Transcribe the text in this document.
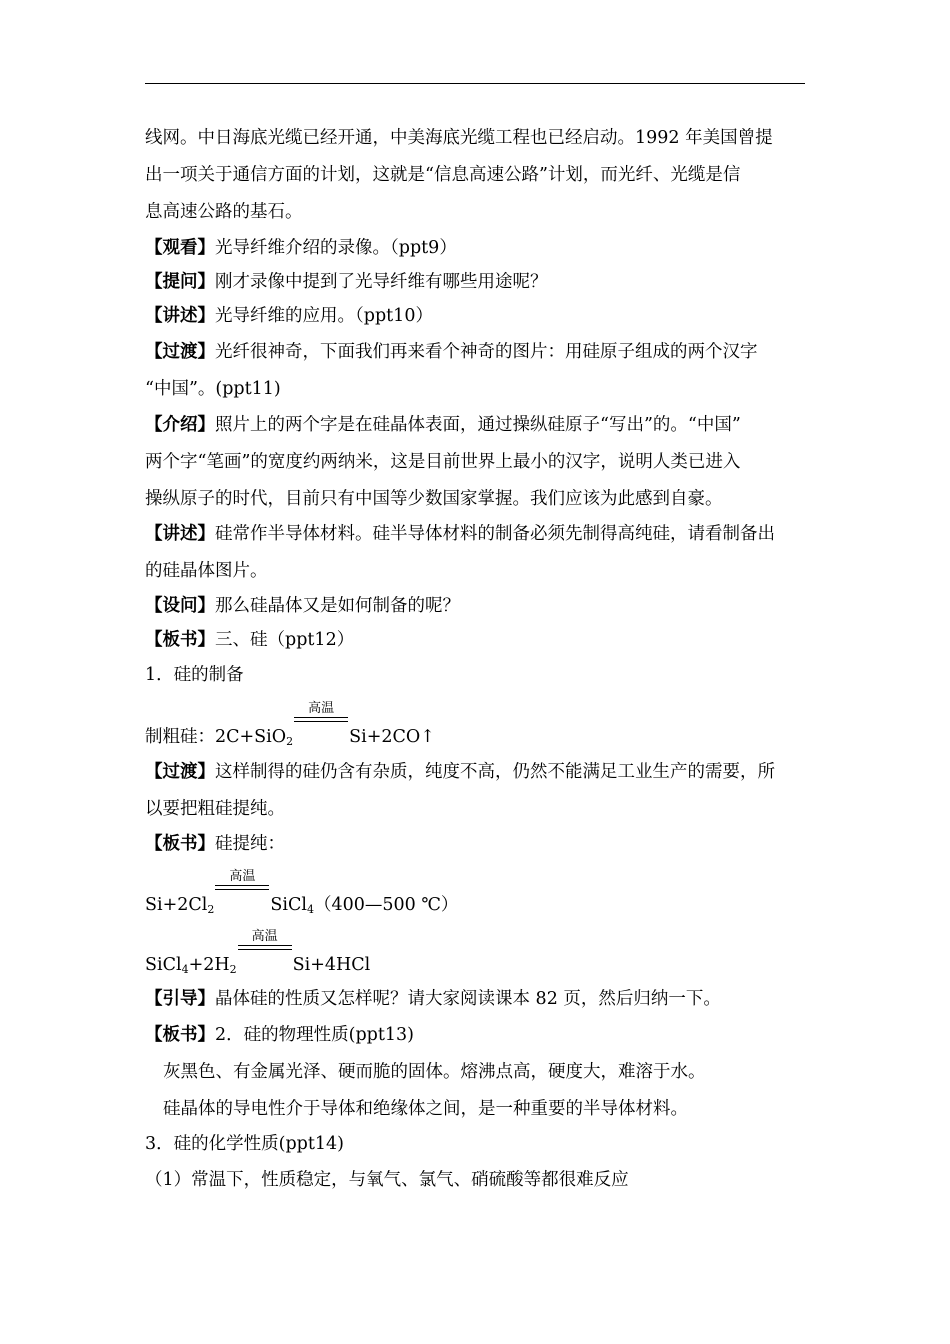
线网。中日海底光缆已经开通，中美海底光缆工程也已经启动。1992 年美国曾提
出一项关于通信方面的计划，这就是“信息高速公路”计划，而光纤、光缆是信
息高速公路的基石。
【观看】光导纤维介绍的录像。（ppt9）
【提问】刚才录像中提到了光导纤维有哪些用途呢？
【讲述】光导纤维的应用。（ppt10）
【过渡】光纤很神奇，下面我们再来看个神奇的图片：用硅原子组成的两个汉字
“中国”。(ppt11)
【介绍】照片上的两个字是在硅晶体表面，通过操纵硅原子“写出”的。“中国”
两个字“笔画”的宽度约两纳米，这是目前世界上最小的汉字，说明人类已进入
操纵原子的时代，目前只有中国等少数国家掌握。我们应该为此感到自豪。
【讲述】硅常作半导体材料。硅半导体材料的制备必须先制得高纯硅，请看制备出
的硅晶体图片。
【设问】那么硅晶体又是如何制备的呢？
【板书】三、硅（ppt12）
1．硅的制备
制粗硅：2C+SiO$_2$
高温
Si+2CO↑
【过渡】这样制得的硅仍含有杂质，纯度不高，仍然不能满足工业生产的需要，所
以要把粗硅提纯。
【板书】硅提纯：
$Si+2Cl_2$
高温
SiCl$_4$（400—500 ℃）
$SiCl_4+2H_2$
高温
Si+4HCl
【引导】晶体硅的性质又怎样呢？请大家阅读课本 82 页，然后归纳一下。
【板书】2．硅的物理性质(ppt13)
灰黑色、有金属光泽、硬而脆的固体。熔沸点高，硬度大，难溶于水。
硅晶体的导电性介于导体和绝缘体之间，是一种重要的半导体材料。
3．硅的化学性质(ppt14)
（1）常温下，性质稳定，与氧气、氯气、硝硫酸等都很难反应
